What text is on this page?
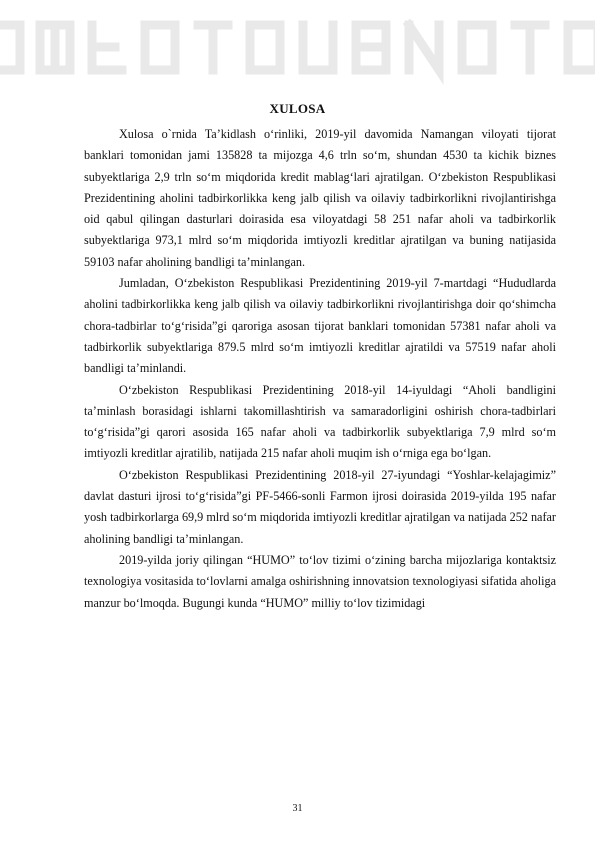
XULOSA

Xulosa o`rnida Ta’kidlash o‘rinliki, 2019-yil davomida Namangan viloyati tijorat banklari tomonidan jami 135828 ta mijozga 4,6 trln so‘m, shundan 4530 ta kichik biznes subyektlariga 2,9 trln so‘m miqdorida kredit mablag‘lari ajratilgan. O‘zbekiston Respublikasi Prezidentining aholini tadbirkorlikka keng jalb qilish va oilaviy tadbirkorlikni rivojlantirishga oid qabul qilingan dasturlari doirasida esa viloyatdagi 58 251 nafar aholi va tadbirkorlik subyektlariga 973,1 mlrd so‘m miqdorida imtiyozli kreditlar ajratilgan va buning natijasida 59103 nafar aholining bandligi ta’minlangan.

Jumladan, O‘zbekiston Respublikasi Prezidentining 2019-yil 7-martdagi “Hududlarda aholini tadbirkorlikka keng jalb qilish va oilaviy tadbirkorlikni rivojlantirishga doir qo‘shimcha chora-tadbirlar to‘g‘risida”gi qaroriga asosan tijorat banklari tomonidan 57381 nafar aholi va tadbirkorlik subyektlariga 879.5 mlrd so‘m imtiyozli kreditlar ajratildi va 57519 nafar aholi bandligi ta’minlandi.

O‘zbekiston Respublikasi Prezidentining 2018-yil 14-iyuldagi “Aholi bandligini ta’minlash borasidagi ishlarni takomillashtirish va samaradorligini oshirish chora-tadbirlari to‘g‘risida”gi qarori asosida 165 nafar aholi va tadbirkorlik subyektlariga 7,9 mlrd so‘m imtiyozli kreditlar ajratilib, natijada 215 nafar aholi muqim ish o‘rniga ega bo‘lgan.

O‘zbekiston Respublikasi Prezidentining 2018-yil 27-iyundagi “Yoshlar-kelajagimiz” davlat dasturi ijrosi to‘g‘risida”gi PF-5466-sonli Farmon ijrosi doirasida 2019-yilda 195 nafar yosh tadbirkorlarga 69,9 mlrd so‘m miqdorida imtiyozli kreditlar ajratilgan va natijada 252 nafar aholining bandligi ta’minlangan.

2019-yilda joriy qilingan “HUMO” to‘lov tizimi o‘zining barcha mijozlariga kontaktsiz texnologiya vositasida to‘lovlarni amalga oshirishning innovatsion texnologiyasi sifatida aholiga manzur bo‘lmoqda. Bugungi kunda “HUMO” milliy to‘lov tizimidagi

31
